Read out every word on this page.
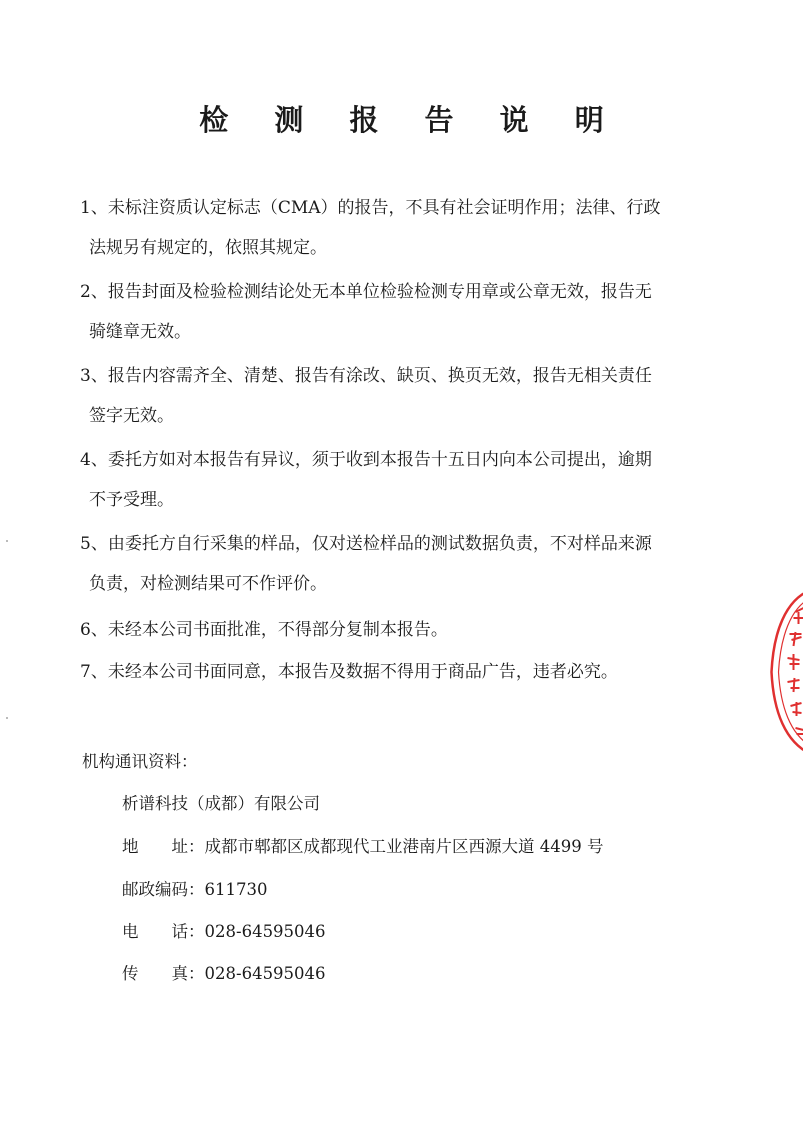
检 测 报 告 说 明
1、未标注资质认定标志（CMA）的报告，不具有社会证明作用；法律、行政
法规另有规定的，依照其规定。
2、报告封面及检验检测结论处无本单位检验检测专用章或公章无效，报告无
骑缝章无效。
3、报告内容需齐全、清楚、报告有涂改、缺页、换页无效，报告无相关责任
签字无效。
4、委托方如对本报告有异议，须于收到本报告十五日内向本公司提出，逾期
不予受理。
5、由委托方自行采集的样品，仅对送检样品的测试数据负责，不对样品来源
负责，对检测结果可不作评价。
6、未经本公司书面批准，不得部分复制本报告。
7、未经本公司书面同意，本报告及数据不得用于商品广告，违者必究。
机构通讯资料：
析谱科技（成都）有限公司
地　　址：成都市郫都区成都现代工业港南片区西源大道 4499 号
邮政编码：611730
电　　话：028-64595046
传　　真：028-64595046
